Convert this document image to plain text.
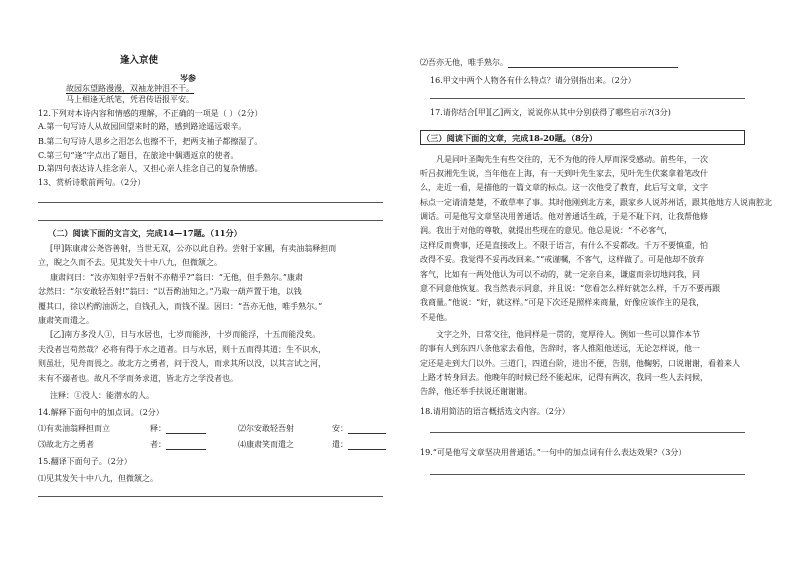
逢入京使
岑参
故园东望路漫漫，双袖龙钟泪不干。
马上相逢无纸笔，凭君传语报平安。
12.下列对本诗内容和情感的理解，不正确的一项是（ ）（2分）
A.第一句写诗人从故园回望来时的路，感到路途遥远艰辛。
B.第二句写诗人思乡之泪怎么也擦不干，把两支袖子都擦湿了。
C.第三句“逢”字点出了题目，在旅途中偶遇返京的使者。
D.第四句表达诗人挂念亲人，又担心亲人挂念自己的复杂情感。
13、赏析诗歌前两句。（2分）
（二）阅读下面的文言文，完成14—17题。（11分）
[甲]陈康肃公尧咨善射，当世无双，公亦以此自矜。尝射于家圃，有卖油翁释担而
立，睨之久而不去。见其发矢十中八九，但微颔之。
康肃问曰：“汝亦知射乎?吾射不亦精乎?”翁曰：“无他，但手熟尔。”康肃
忿然曰：“尔安敢轻吾射!”翁曰：“以吾酌油知之。”乃取一葫芦置于地，以钱
覆其口，徐以杓酌油沥之，自钱孔入，而钱不湿。因曰：“吾亦无他，唯手熟尔。”
康肃笑而遣之。
[乙]南方多没人①，日与水居也，七岁而能涉，十岁而能浮，十五而能没矣。
夫没者岂苟然哉？必将有得于水之道者。日与水居，则十五而得其道；生不识水，
则虽壮，见舟而畏之。故北方之勇者，问于没人，而求其所以没，以其言试之河，
未有不溺者也。故凡不学而务求道，皆北方之学没者也。
注释：①没人：能潜水的人。
14.解释下面句中的加点词。（2分）
⑴有卖油翁释担而立	释：	⑵尔安敢轻吾射	安：
⑶故北方之勇者	者：	⑷康肃笑而遣之	遣：
15.翻译下面句子。（2分）
⑴见其发矢十中八九，但微颔之。
⑵吾亦无他，唯手熟尔。
16.甲文中两个人物各有什么特点？请分别指出来。（2分）
17.请你结合[甲][乙]两文，说说你从其中分别获得了哪些启示?(3分)
（三）阅读下面的文章，完成18-20题。（8分）
凡是同叶圣陶先生有些交往的，无不为他的待人厚而深受感动。前些年，一次
听吕叔湘先生说，当年他在上海，有一天到叶先生家去，见叶先生伏案拿着笔改什
么，走近一看，是描他的一篇文章的标点。这一次他受了教育，此后写文章，文字
标点一定请清楚楚，不敢草率了事。其时他刚到北方来，跟家乡人说苏州话，跟其他地方人说南腔北
调话。可是他写文章坚决用普通话。他对普通话生疏，于是不耻下问，让我帮他修
润。我出于对他的尊敬，就提出些现在的意见。他总是说：“不必客气，
这样反而费事，还是直接改上。不限于语言，有什么不妥都改。千万不要慎重，怕
改得不妥。我觉得不妥再改回来。”“戒谨嘱，不客气，这样做了。可是他却不放弃
客气，比如有一两处他认为可以不动的，就一定亲自来，谦虚而亲切地问我，同
意不同意他恢复。我当然表示同意，并且说：“您看怎么样好就怎么样，千万不要再跟
我商量。”他说：“好，就这样。”可是下次还是照样来商量，好像应该作主的是我，
不是他。
文字之外，日常交往，他同样是一贯的，宽厚待人。例如一些可以算作本节
的事有人到东四八条他家去看他，告辞时，客人推阻他送远，无论怎样说，他一
定还是走到大门以外。三道门，四道台阶，进出不便，告别，他鞠躬，口说谢谢，看着来人
上路才转身回去。他晚年的时候已经不能起床，记得有两次，我同一些人去问候，
告辞，他还举手扶说还谢谢谢。
18.请用简洁的语言概括选文内容。（2分）
19.“可是他写文章坚决用普通话。”一句中的加点词有什么表达效果?（3分）
